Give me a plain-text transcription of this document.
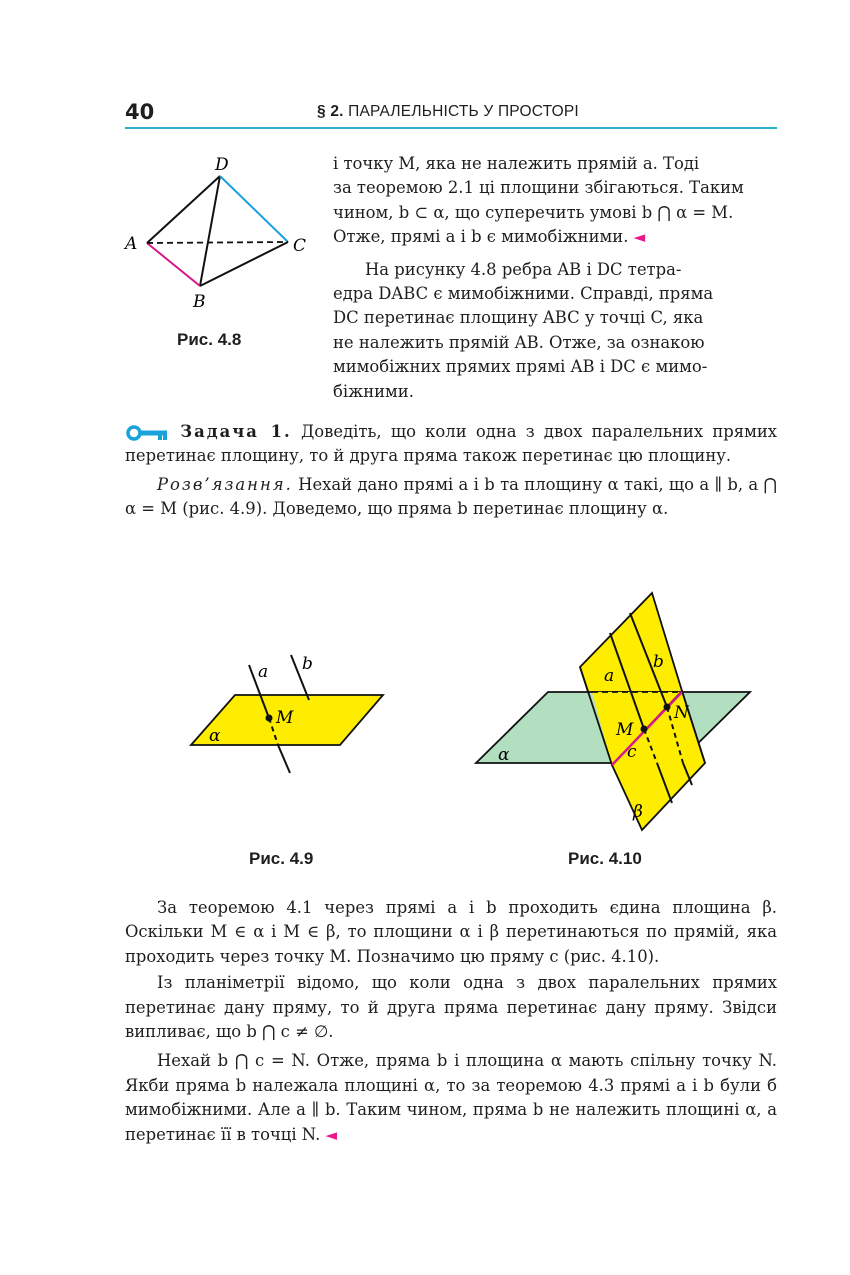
40	§ 2. ПАРАЛЕЛЬНІСТЬ У ПРОСТОРІ
D
A	C
B
Рис. 4.8

і точку M, яка не належить прямій a. Тоді
за теоремою 2.1 ці площини збігаються. Таким
чином, b ⊂ α, що суперечить умові b ⋂ α = M.
Отже, прямі a і b є мимобіжними. ◄

На рисунку 4.8 ребра AB і DC тетра-
едра DABC є мимобіжними. Справді, пряма
DC перетинає площину ABC у точці C, яка
не належить прямій AB. Отже, за ознакою
мимобіжних прямих прямі AB і DC є мимо-
біжними.

Задача 1. Доведіть, що коли одна з двох паралельних прямих перетинає площину, то й друга пряма також перетинає цю площину.

Розв’язання. Нехай дано прямі a і b та площину α такі, що a ∥ b, a ⋂ α = M (рис. 4.9). Доведемо, що пряма b перетинає площину α.

a b
M
α
Рис. 4.9
a
b
M
N
c
α
β
Рис. 4.10

За теоремою 4.1 через прямі a і b проходить єдина площина β. Оскільки M ∈ α і M ∈ β, то площини α і β перетинаються по прямій, яка проходить через точку M. Позначимо цю пряму c (рис. 4.10).

Із планіметрії відомо, що коли одна з двох паралельних прямих перетинає дану пряму, то й друга пряма перетинає дану пряму. Звідси випливає, що b ⋂ c ≠ ∅.

Нехай b ⋂ c = N. Отже, пряма b і площина α мають спільну точку N. Якби пряма b належала площині α, то за теоремою 4.3 прямі a і b були б мимобіжними. Але a ∥ b. Таким чином, пряма b не належить площині α, а перетинає її в точці N. ◄
